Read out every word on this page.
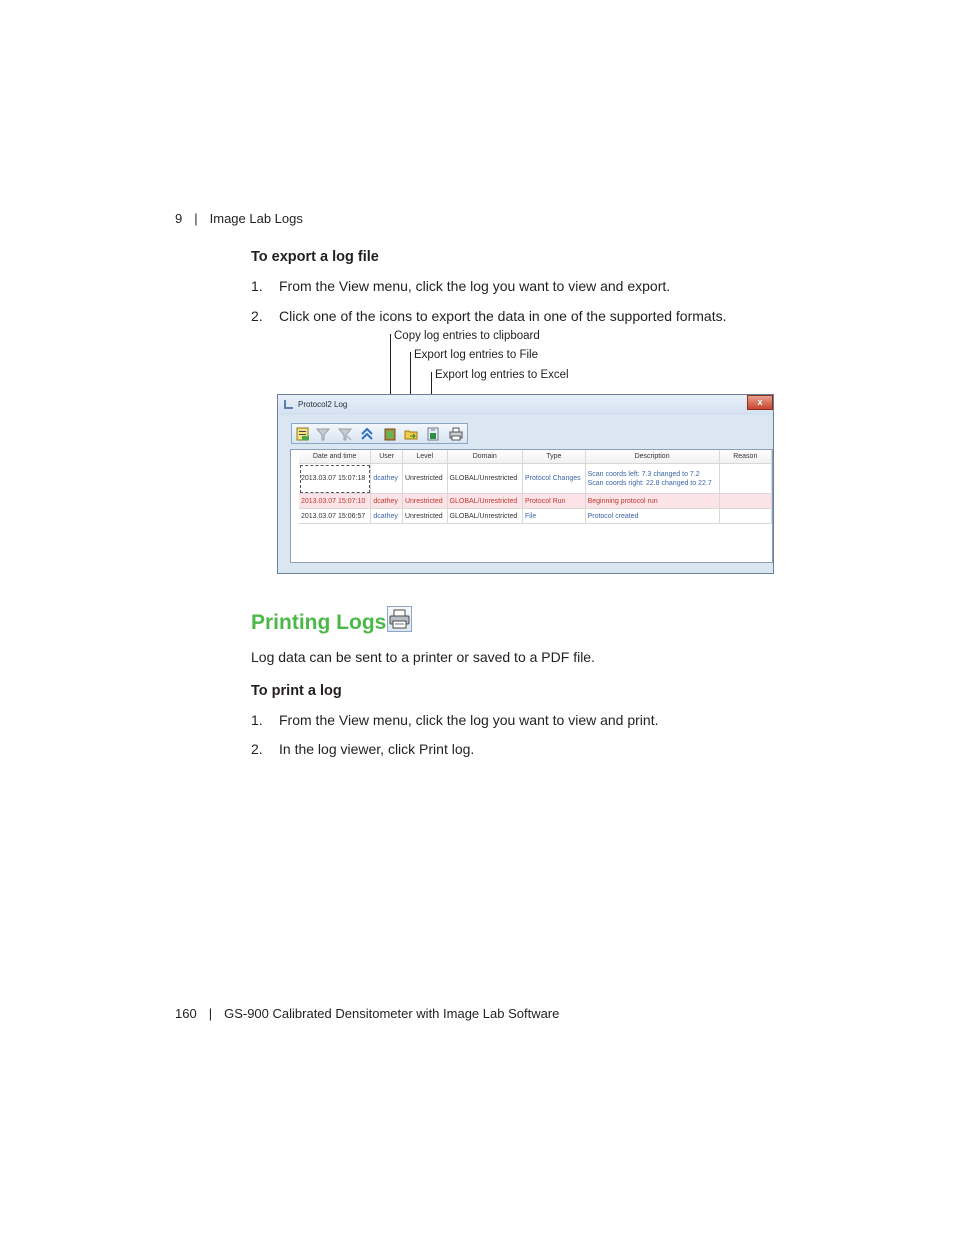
9 | Image Lab Logs
To export a log file
1. From the View menu, click the log you want to view and export.
2. Click one of the icons to export the data in one of the supported formats.
Copy log entries to clipboard
Export log entries to File
Export log entries to Excel
Protocol2 Log	x
Date and time	User	Level	Domain	Type	Description	Reason
2013.03.07 15:07:18	dcathey	Unrestricted	GLOBAL/Unrestricted	Protocol Changes	Scan coords left: 7.3 changed to 7.2
Scan coords right: 22.8 changed to 22.7	

2013.03.07 15:07:10	dcathey	Unrestricted	GLOBAL/Unrestricted	Protocol Run	Beginning protocol run	
2013.03.07 15:06:57	dcathey	Unrestricted	GLOBAL/Unrestricted	File	Protocol created	
Printing Logs
Log data can be sent to a printer or saved to a PDF file.
To print a log
1. From the View menu, click the log you want to view and print.
2. In the log viewer, click Print log.
160 | GS-900 Calibrated Densitometer with Image Lab Software
